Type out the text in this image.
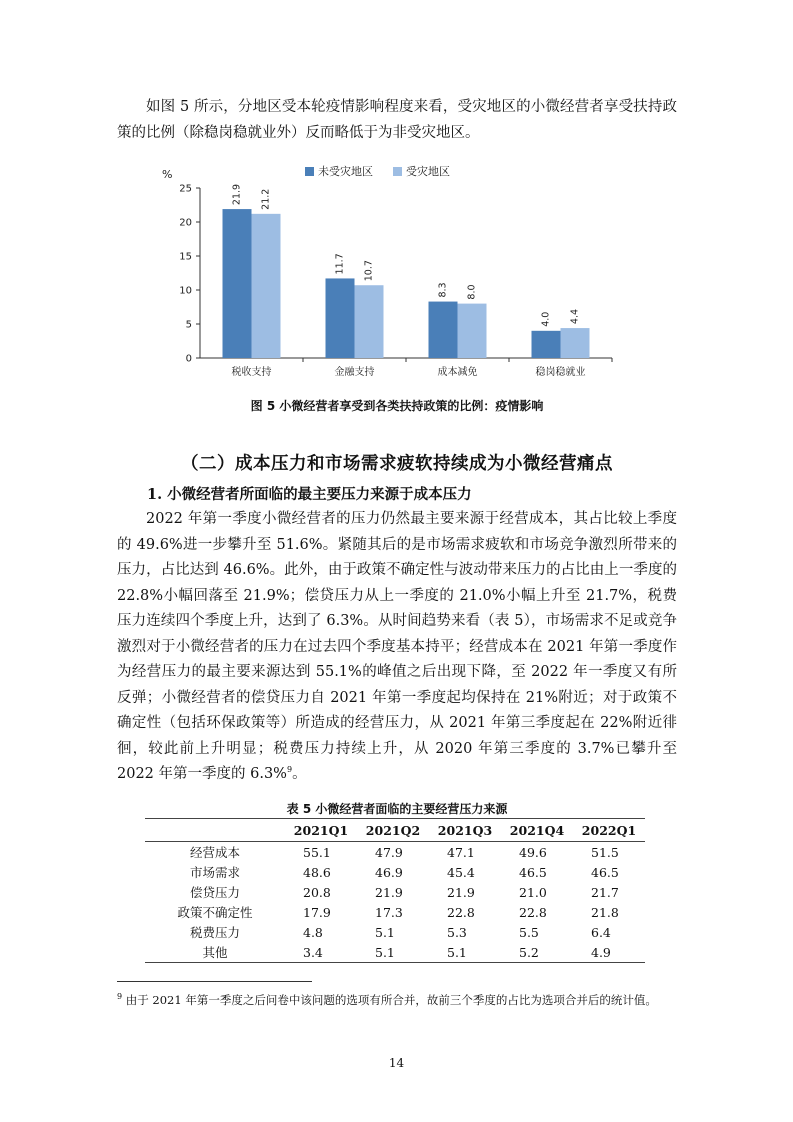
如图 5 所示，分地区受本轮疫情影响程度来看，受灾地区的小微经营者享受扶持政策的比例（除稳岗稳就业外）反而略低于为非受灾地区。

%
0
5
10
15
20
25
税收支持	金融支持	成本减免	稳岗稳就业
21.9 21.2
11.7 10.7
8.3 8.0
4.0 4.4
未受灾地区	受灾地区
图 5 小微经营者享受到各类扶持政策的比例：疫情影响
（二）成本压力和市场需求疲软持续成为小微经营痛点
1. 小微经营者所面临的最主要压力来源于成本压力

2022 年第一季度小微经营者的压力仍然最主要来源于经营成本，其占比较上季度的 49.6%进一步攀升至 51.6%。紧随其后的是市场需求疲软和市场竞争激烈所带来的压力，占比达到 46.6%。此外，由于政策不确定性与波动带来压力的占比由上一季度的 22.8%小幅回落至 21.9%；偿贷压力从上一季度的 21.0%小幅上升至 21.7%，税费压力连续四个季度上升，达到了 6.3%。从时间趋势来看（表 5），市场需求不足或竞争激烈对于小微经营者的压力在过去四个季度基本持平；经营成本在 2021 年第一季度作为经营压力的最主要来源达到 55.1%的峰值之后出现下降，至 2022 年一季度又有所反弹；小微经营者的偿贷压力自 2021 年第一季度起均保持在 21%附近；对于政策不确定性（包括环保政策等）所造成的经营压力，从 2021 年第三季度起在 22%附近徘徊，较此前上升明显；税费压力持续上升，从 2020 年第三季度的 3.7%已攀升至 2022 年第一季度的 6.3%$^9$。

表 5 小微经营者面临的主要经营压力来源
	2021Q1	2021Q2	2021Q3	2021Q4	2022Q1
经营成本	55.1	47.9	47.1	49.6	51.5
市场需求	48.6	46.9	45.4	46.5	46.5
偿贷压力	20.8	21.9	21.9	21.0	21.7
政策不确定性	17.9	17.3	22.8	22.8	21.8
税费压力	4.8	5.1	5.3	5.5	6.4
其他	3.4	5.1	5.1	5.2	4.9
$^9$ 由于 2021 年第一季度之后问卷中该问题的选项有所合并，故前三个季度的占比为选项合并后的统计值。
14
